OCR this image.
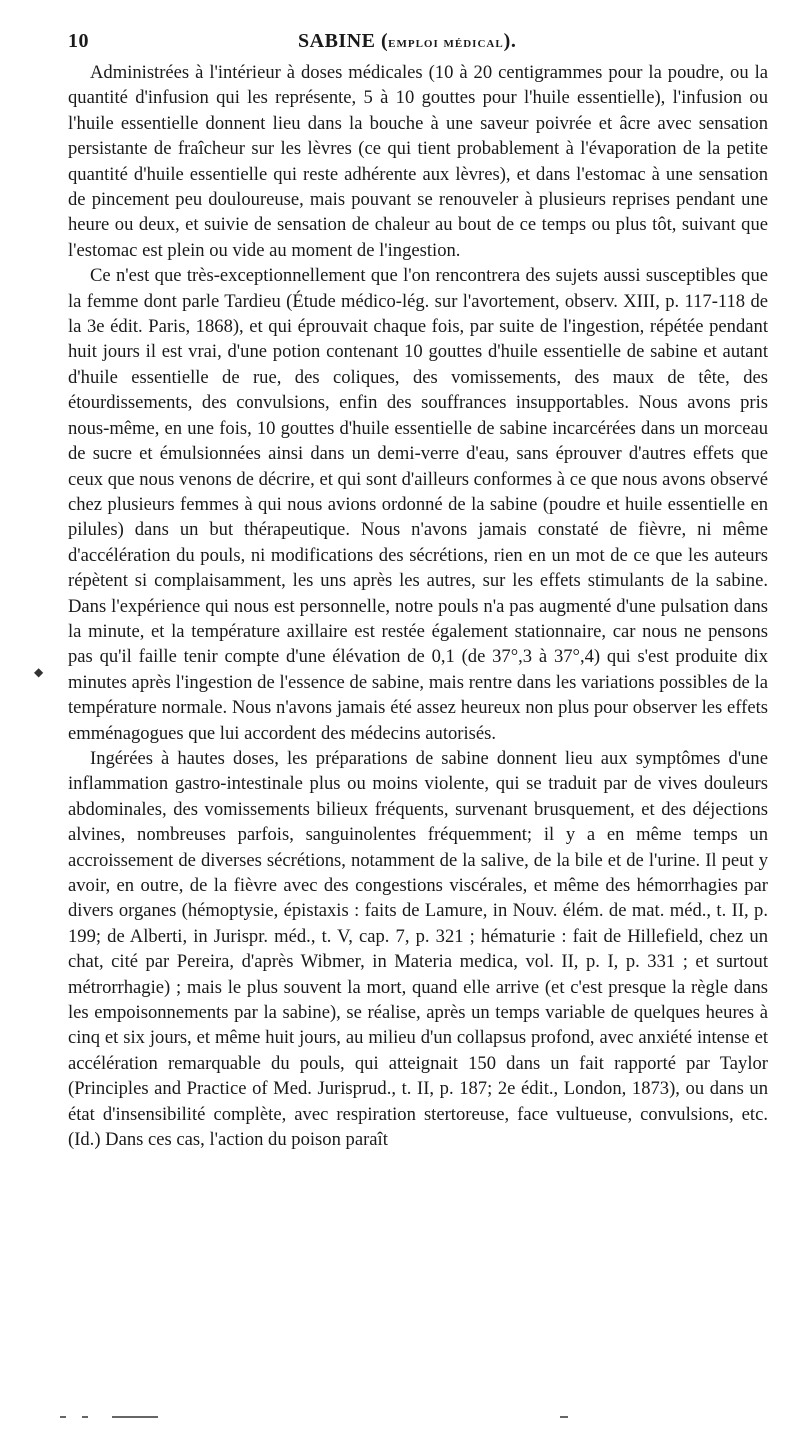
10	SABINE (emploi médical).

Administrées à l'intérieur à doses médicales (10 à 20 centigrammes pour la poudre, ou la quantité d'infusion qui les représente, 5 à 10 gouttes pour l'huile essentielle), l'infusion ou l'huile essentielle donnent lieu dans la bouche à une saveur poivrée et âcre avec sensation persistante de fraîcheur sur les lèvres (ce qui tient probablement à l'évaporation de la petite quantité d'huile essentielle qui reste adhérente aux lèvres), et dans l'estomac à une sensation de pincement peu douloureuse, mais pouvant se renouveler à plusieurs reprises pendant une heure ou deux, et suivie de sensation de chaleur au bout de ce temps ou plus tôt, suivant que l'estomac est plein ou vide au moment de l'ingestion.

Ce n'est que très-exceptionnellement que l'on rencontrera des sujets aussi susceptibles que la femme dont parle Tardieu (Étude médico-lég. sur l'avortement, observ. XIII, p. 117-118 de la 3e édit. Paris, 1868), et qui éprouvait chaque fois, par suite de l'ingestion, répétée pendant huit jours il est vrai, d'une potion contenant 10 gouttes d'huile essentielle de sabine et autant d'huile essentielle de rue, des coliques, des vomissements, des maux de tête, des étourdissements, des convulsions, enfin des souffrances insupportables. Nous avons pris nous-même, en une fois, 10 gouttes d'huile essentielle de sabine incarcérées dans un morceau de sucre et émulsionnées ainsi dans un demi-verre d'eau, sans éprouver d'autres effets que ceux que nous venons de décrire, et qui sont d'ailleurs conformes à ce que nous avons observé chez plusieurs femmes à qui nous avions ordonné de la sabine (poudre et huile essentielle en pilules) dans un but thérapeutique. Nous n'avons jamais constaté de fièvre, ni même d'accélération du pouls, ni modifications des sécrétions, rien en un mot de ce que les auteurs répètent si complaisamment, les uns après les autres, sur les effets stimulants de la sabine. Dans l'expérience qui nous est personnelle, notre pouls n'a pas augmenté d'une pulsation dans la minute, et la température axillaire est restée également stationnaire, car nous ne pensons pas qu'il faille tenir compte d'une élévation de 0,1 (de 37°,3 à 37°,4) qui s'est produite dix minutes après l'ingestion de l'essence de sabine, mais rentre dans les variations possibles de la température normale. Nous n'avons jamais été assez heureux non plus pour observer les effets emménagogues que lui accordent des médecins autorisés.

Ingérées à hautes doses, les préparations de sabine donnent lieu aux symptômes d'une inflammation gastro-intestinale plus ou moins violente, qui se traduit par de vives douleurs abdominales, des vomissements bilieux fréquents, survenant brusquement, et des déjections alvines, nombreuses parfois, sanguinolentes fréquemment; il y a en même temps un accroissement de diverses sécrétions, notamment de la salive, de la bile et de l'urine. Il peut y avoir, en outre, de la fièvre avec des congestions viscérales, et même des hémorrhagies par divers organes (hémoptysie, épistaxis : faits de Lamure, in Nouv. élém. de mat. méd., t. II, p. 199; de Alberti, in Jurispr. méd., t. V, cap. 7, p. 321 ; hématurie : fait de Hillefield, chez un chat, cité par Pereira, d'après Wibmer, in Materia medica, vol. II, p. I, p. 331 ; et surtout métrorrhagie) ; mais le plus souvent la mort, quand elle arrive (et c'est presque la règle dans les empoisonnements par la sabine), se réalise, après un temps variable de quelques heures à cinq et six jours, et même huit jours, au milieu d'un collapsus profond, avec anxiété intense et accélération remarquable du pouls, qui atteignait 150 dans un fait rapporté par Taylor (Principles and Practice of Med. Jurisprud., t. II, p. 187; 2e édit., London, 1873), ou dans un état d'insensibilité complète, avec respiration stertoreuse, face vultueuse, convulsions, etc. (Id.) Dans ces cas, l'action du poison paraît

◆
